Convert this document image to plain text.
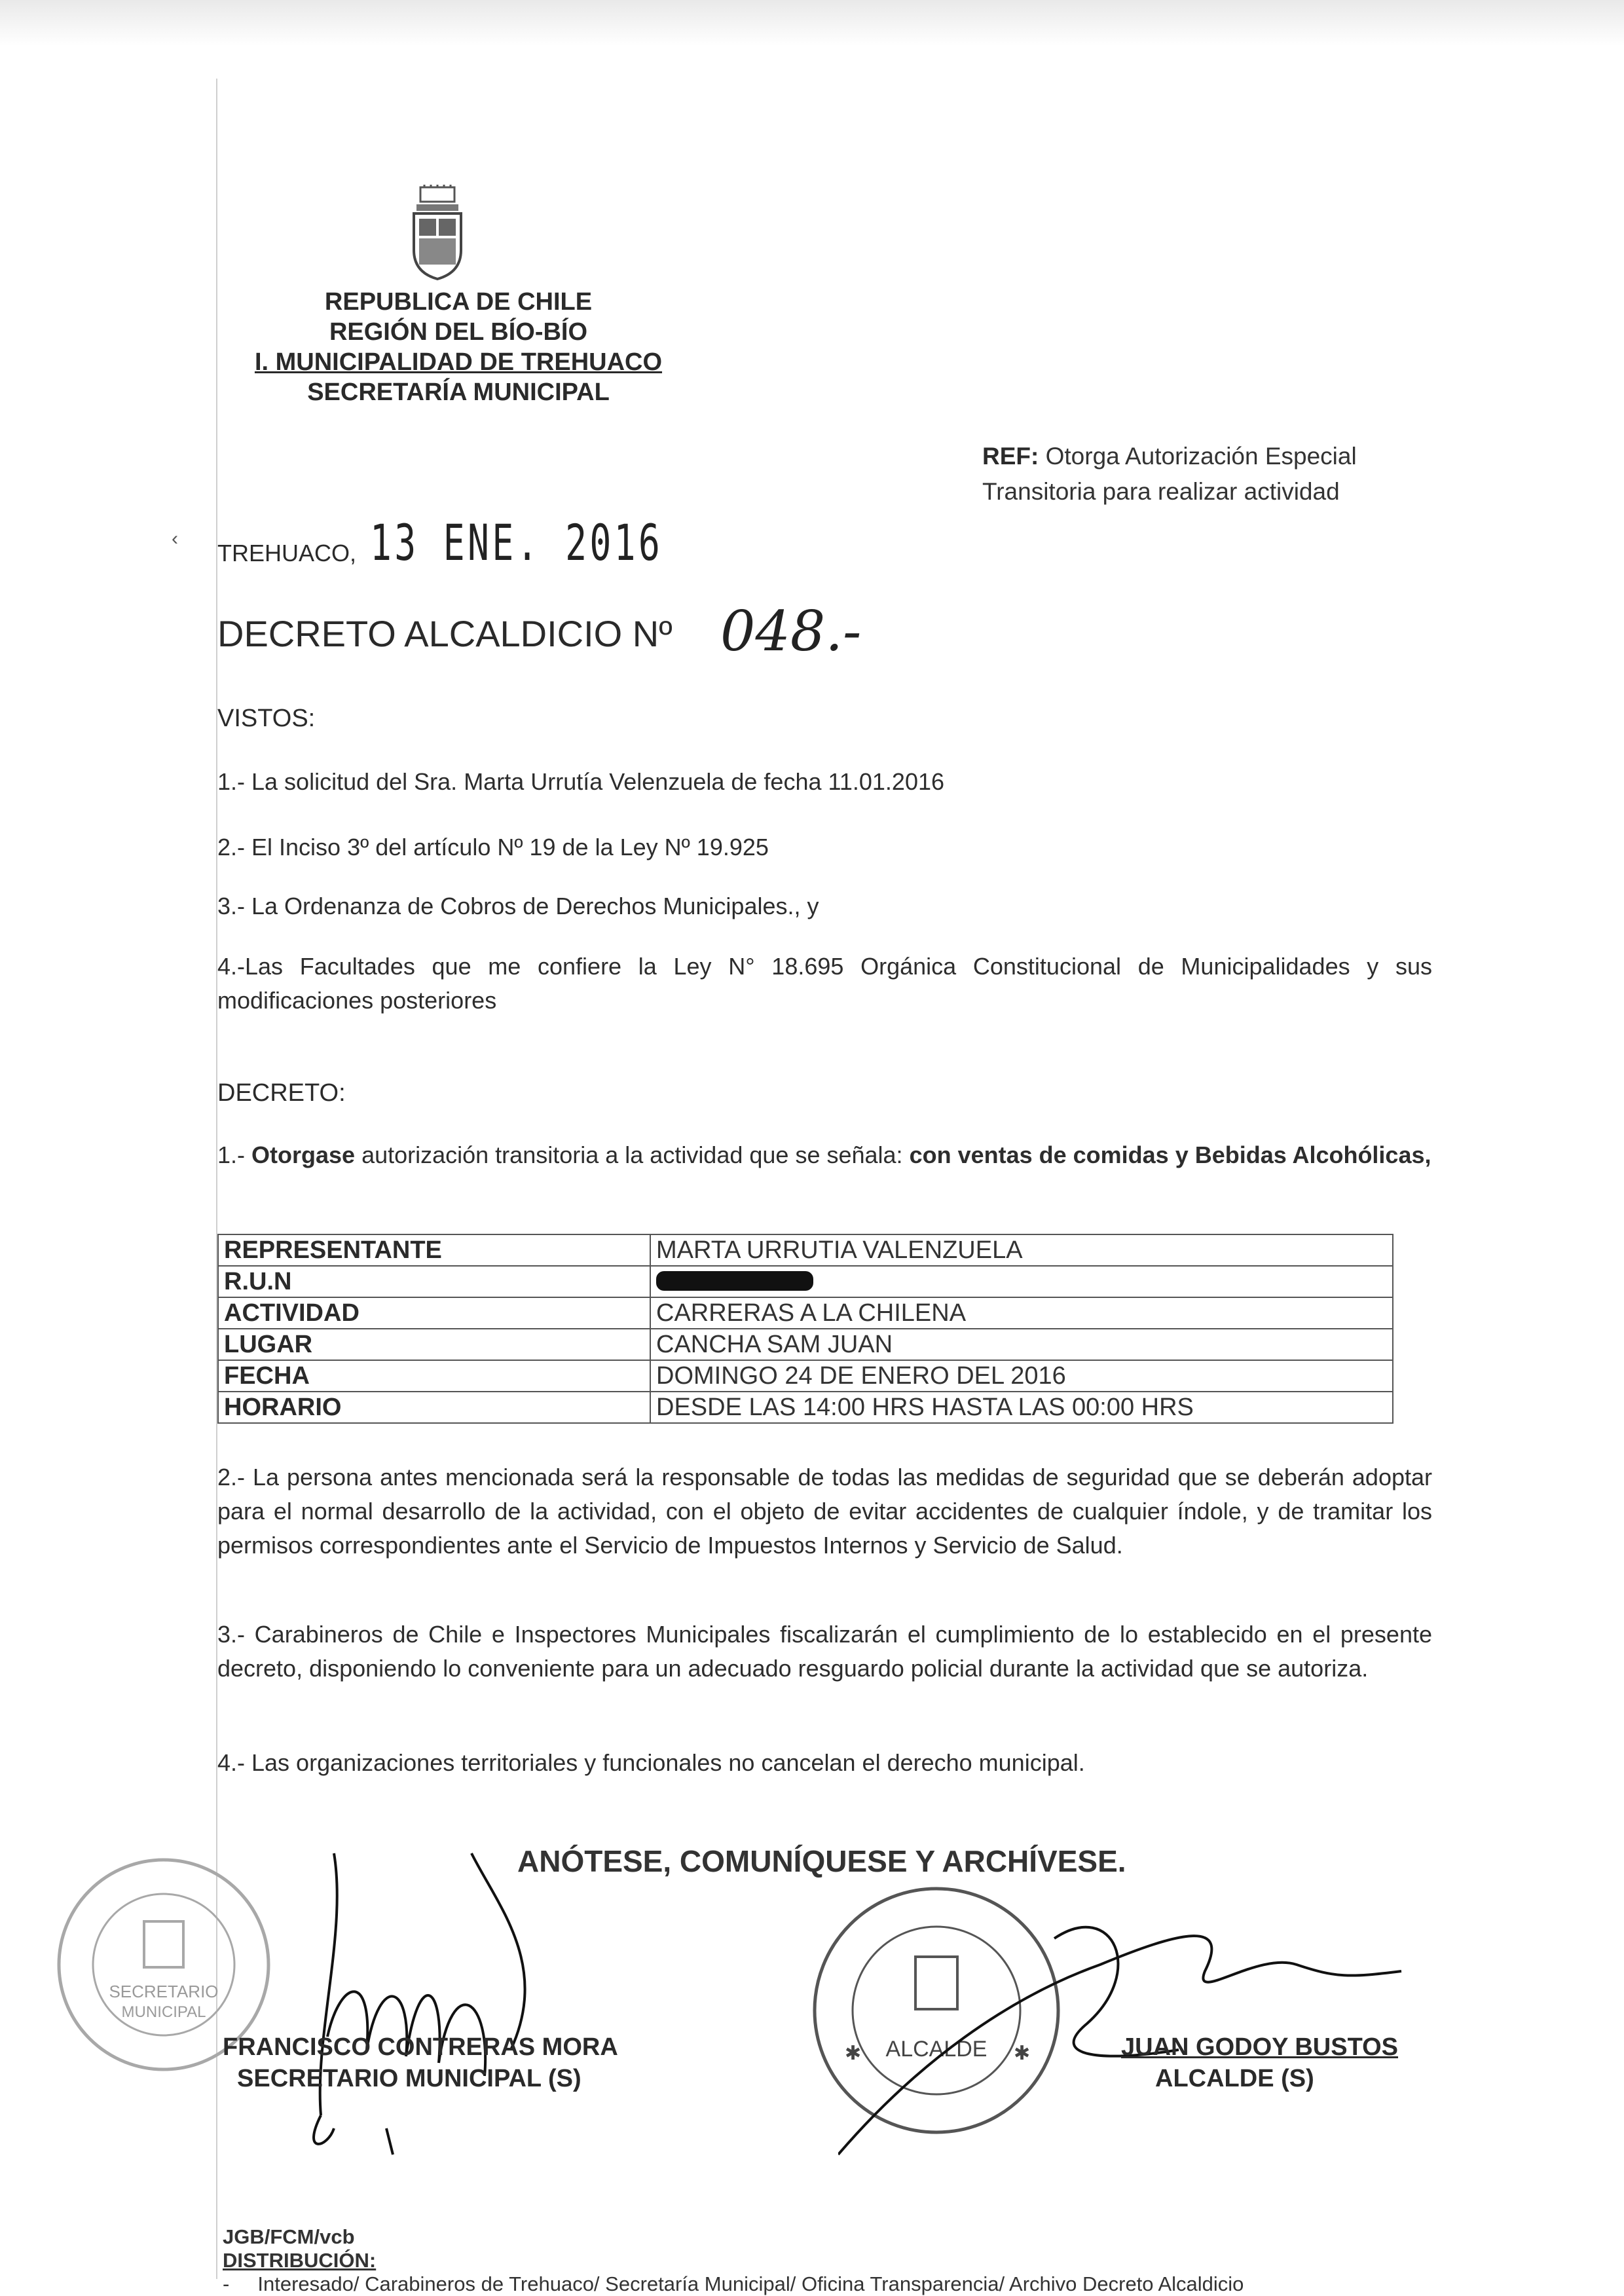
REPUBLICA DE CHILE
REGIÓN DEL BÍO-BÍO
I. MUNICIPALIDAD DE TREHUACO
SECRETARÍA MUNICIPAL
REF: Otorga Autorización Especial
Transitoria para realizar actividad
‹
TREHUACO, 13 ENE. 2016
DECRETO ALCALDICIO Nº 048.-
VISTOS:
1.- La solicitud del Sra. Marta Urrutía Velenzuela de fecha 11.01.2016
2.- El Inciso 3º del artículo Nº 19 de la Ley Nº 19.925
3.- La Ordenanza de Cobros de Derechos Municipales., y
4.-Las Facultades que me confiere la Ley N° 18.695 Orgánica Constitucional de Municipalidades y sus modificaciones posteriores
DECRETO:
1.- Otorgase autorización transitoria a la actividad que se señala: con ventas de comidas y Bebidas Alcohólicas,
REPRESENTANTE	MARTA URRUTIA VALENZUELA
R.U.N	
ACTIVIDAD	CARRERAS A LA CHILENA
LUGAR	CANCHA SAM JUAN
FECHA	DOMINGO 24 DE ENERO DEL 2016
HORARIO	DESDE LAS 14:00 HRS HASTA LAS 00:00 HRS
2.- La persona antes mencionada será la responsable de todas las medidas de seguridad que se deberán adoptar para el normal desarrollo de la actividad, con el objeto de evitar accidentes de cualquier índole, y de tramitar los permisos correspondientes ante el Servicio de Impuestos Internos y Servicio de Salud.
3.- Carabineros de Chile e Inspectores Municipales fiscalizarán el cumplimiento de lo establecido en el presente decreto, disponiendo lo conveniente para un adecuado resguardo policial durante la actividad que se autoriza.
4.- Las organizaciones territoriales y funcionales no cancelan el derecho municipal.
ANÓTESE, COMUNÍQUESE Y ARCHÍVESE.
SECRETARIO
MUNICIPAL
ALCALDE
✱	✱
FRANCISCO CONTRERAS MORA
SECRETARIO MUNICIPAL (S)
JUAN GODOY BUSTOS
ALCALDE (S)
JGB/FCM/vcb
DISTRIBUCIÓN:
-     Interesado/ Carabineros de Trehuaco/ Secretaría Municipal/ Oficina Transparencia/ Archivo Decreto Alcaldicio
